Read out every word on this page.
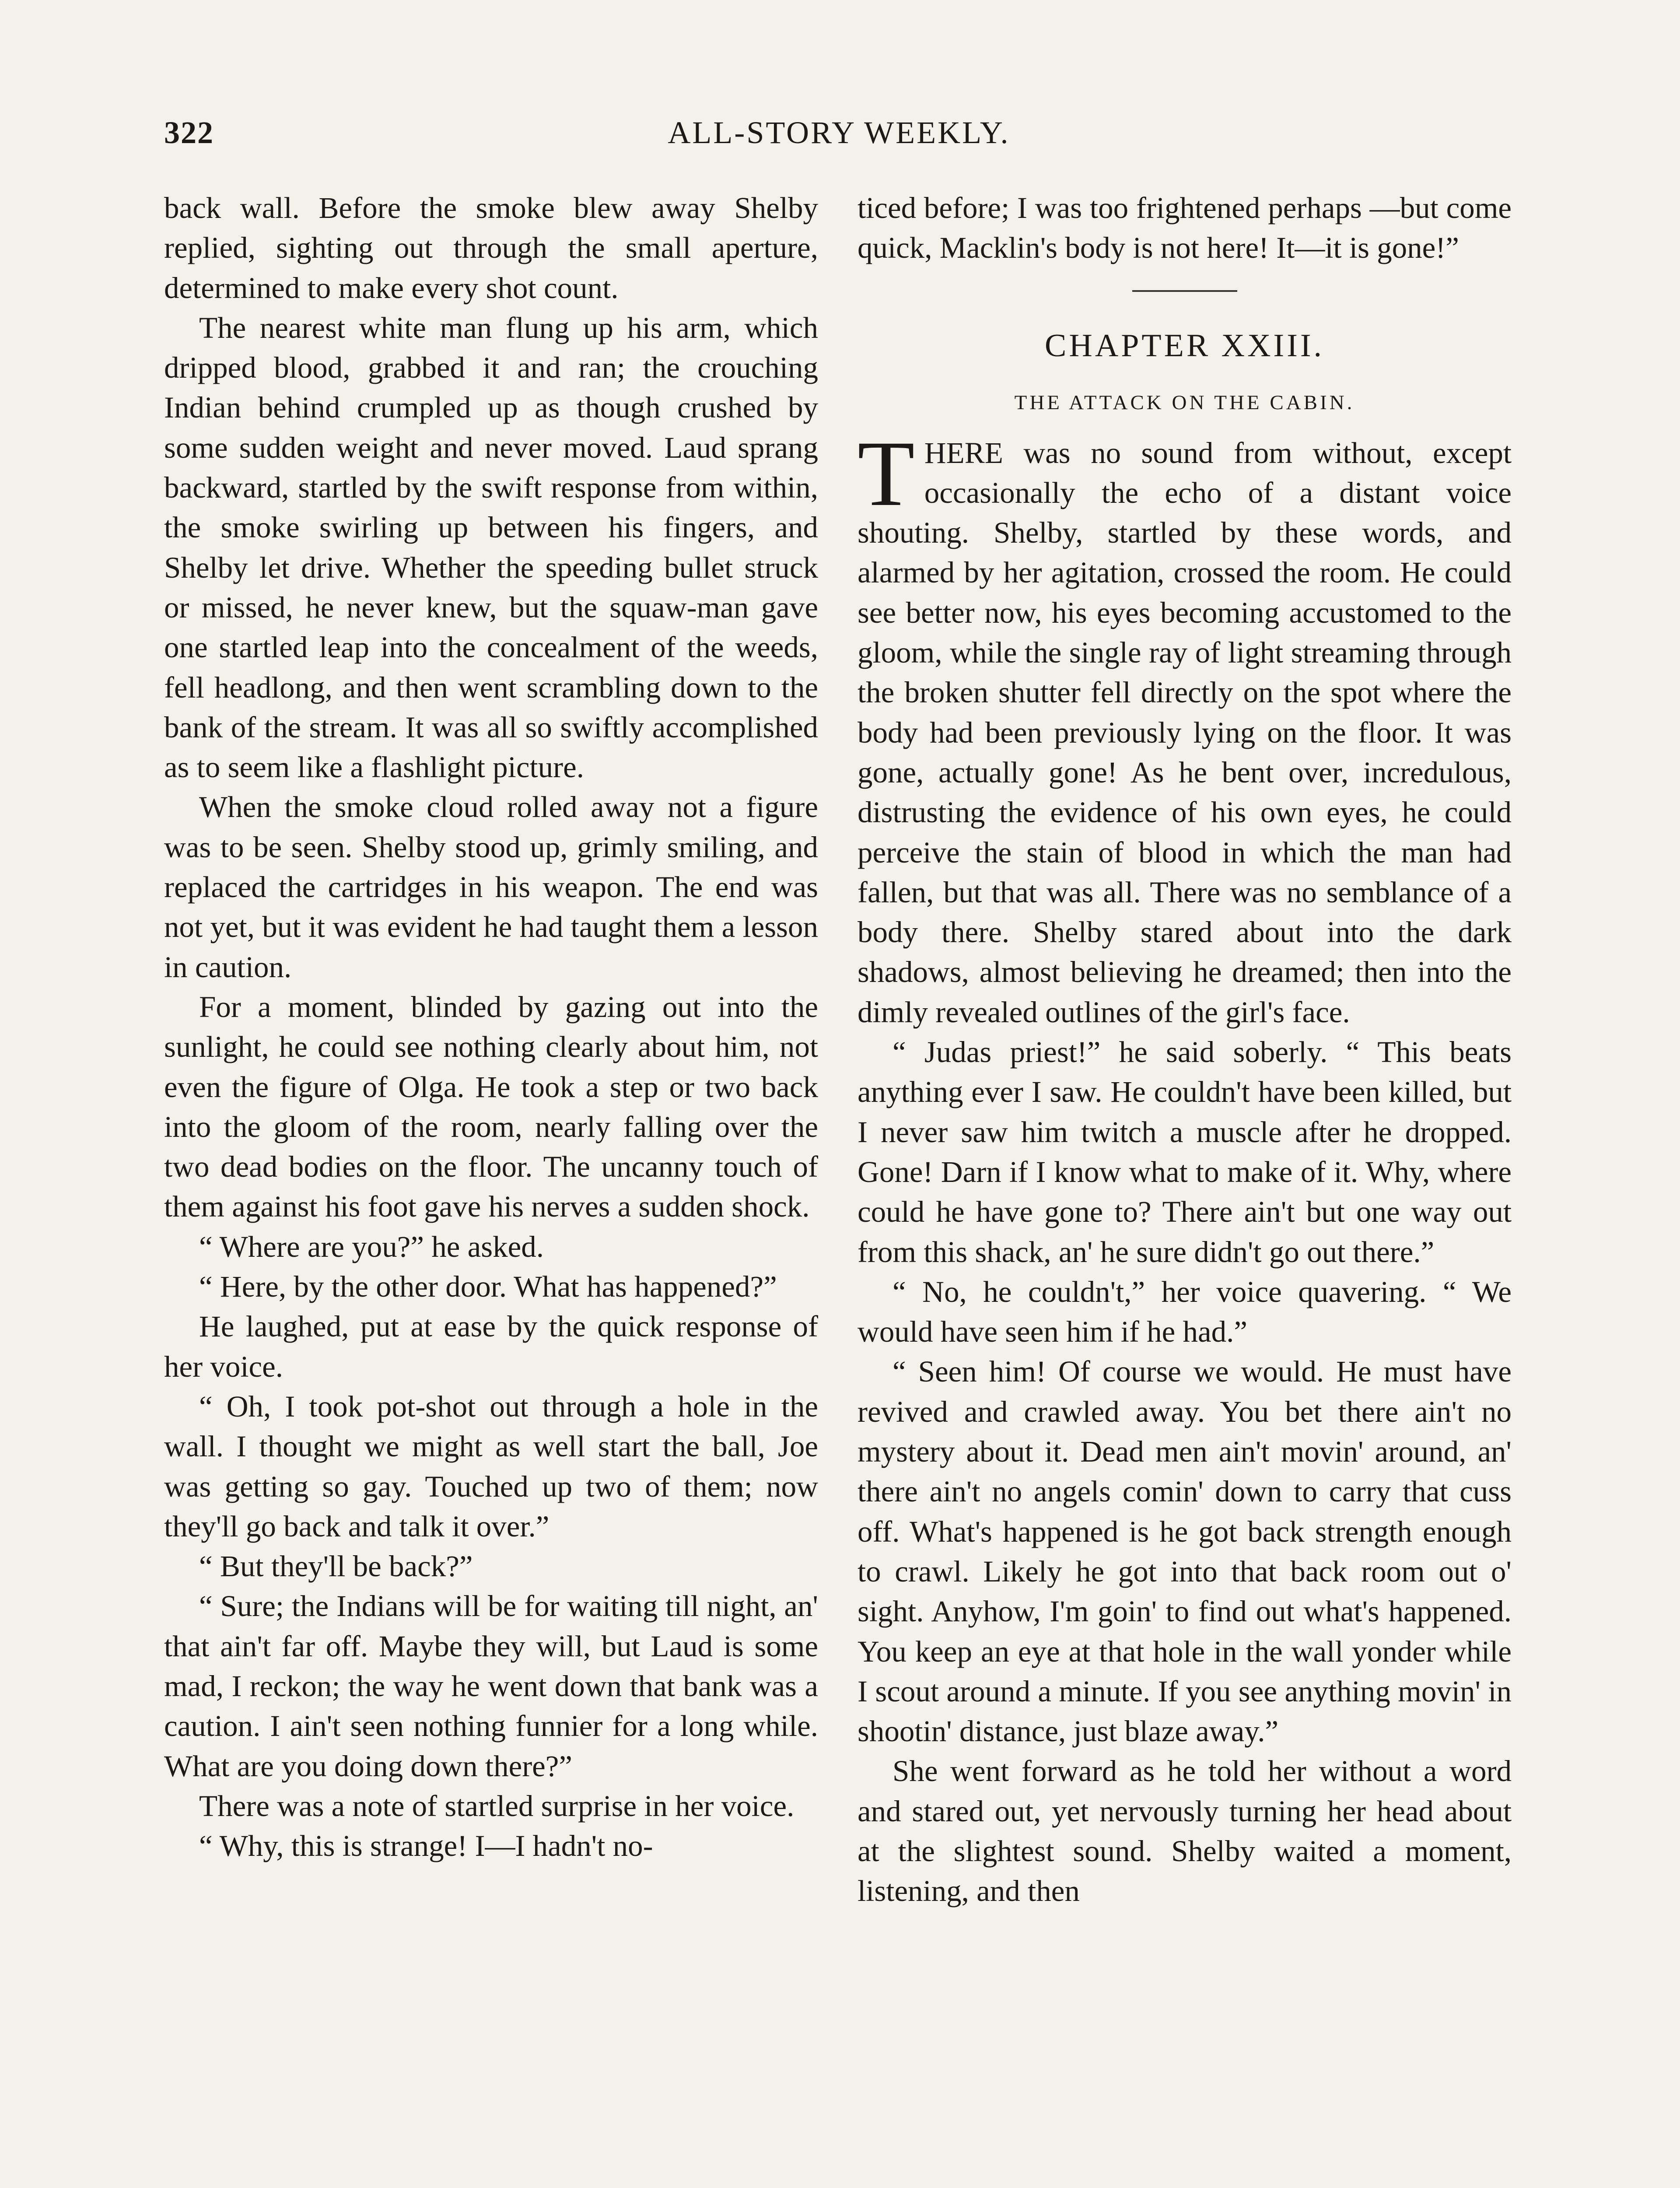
322	ALL-STORY WEEKLY.

back wall. Before the smoke blew away Shelby replied, sighting out through the small aperture, determined to make every shot count.

The nearest white man flung up his arm, which dripped blood, grabbed it and ran; the crouching Indian behind crumpled up as though crushed by some sudden weight and never moved. Laud sprang backward, startled by the swift response from within, the smoke swirling up between his fingers, and Shelby let drive. Whether the speeding bullet struck or missed, he never knew, but the squaw-man gave one startled leap into the concealment of the weeds, fell headlong, and then went scrambling down to the bank of the stream. It was all so swiftly accomplished as to seem like a flashlight picture.

When the smoke cloud rolled away not a figure was to be seen. Shelby stood up, grimly smiling, and replaced the cartridges in his weapon. The end was not yet, but it was evident he had taught them a lesson in caution.

For a moment, blinded by gazing out into the sunlight, he could see nothing clearly about him, not even the figure of Olga. He took a step or two back into the gloom of the room, nearly falling over the two dead bodies on the floor. The uncanny touch of them against his foot gave his nerves a sudden shock.

“ Where are you?” he asked.

“ Here, by the other door. What has happened?”

He laughed, put at ease by the quick response of her voice.

“ Oh, I took pot-shot out through a hole in the wall. I thought we might as well start the ball, Joe was getting so gay. Touched up two of them; now they'll go back and talk it over.”

“ But they'll be back?”

“ Sure; the Indians will be for waiting till night, an' that ain't far off. Maybe they will, but Laud is some mad, I reckon; the way he went down that bank was a caution. I ain't seen nothing funnier for a long while. What are you doing down there?”

There was a note of startled surprise in her voice.

“ Why, this is strange! I—I hadn't no-

ticed before; I was too frightened perhaps —but come quick, Macklin's body is not here! It—it is gone!”

CHAPTER XXIII.
THE ATTACK ON THE CABIN.

THERE was no sound from without, except occasionally the echo of a distant voice shouting. Shelby, startled by these words, and alarmed by her agitation, crossed the room. He could see better now, his eyes becoming accustomed to the gloom, while the single ray of light streaming through the broken shutter fell directly on the spot where the body had been previously lying on the floor. It was gone, actually gone! As he bent over, incredulous, distrusting the evidence of his own eyes, he could perceive the stain of blood in which the man had fallen, but that was all. There was no semblance of a body there. Shelby stared about into the dark shadows, almost believing he dreamed; then into the dimly revealed outlines of the girl's face.

“ Judas priest!” he said soberly. “ This beats anything ever I saw. He couldn't have been killed, but I never saw him twitch a muscle after he dropped. Gone! Darn if I know what to make of it. Why, where could he have gone to? There ain't but one way out from this shack, an' he sure didn't go out there.”

“ No, he couldn't,” her voice quavering. “ We would have seen him if he had.”

“ Seen him! Of course we would. He must have revived and crawled away. You bet there ain't no mystery about it. Dead men ain't movin' around, an' there ain't no angels comin' down to carry that cuss off. What's happened is he got back strength enough to crawl. Likely he got into that back room out o' sight. Anyhow, I'm goin' to find out what's happened. You keep an eye at that hole in the wall yonder while I scout around a minute. If you see anything movin' in shootin' distance, just blaze away.”

She went forward as he told her without a word and stared out, yet nervously turning her head about at the slightest sound. Shelby waited a moment, listening, and then
